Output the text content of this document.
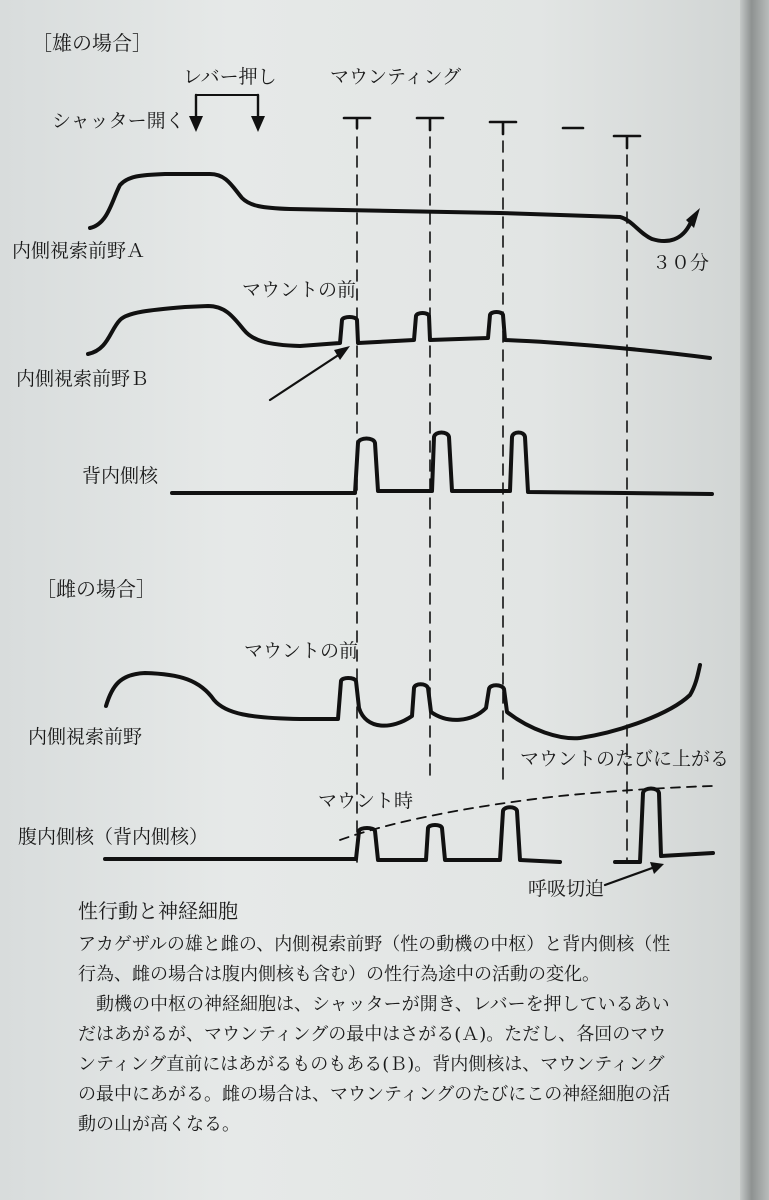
［雄の場合］
レバー押し
シャッター開く
マウンティング
内側視索前野Ａ
３０分
マウントの前
内側視索前野Ｂ
背内側核
［雌の場合］
マウントの前
内側視索前野
マウントのたびに上がる
マウント時
腹内側核（背内側核）
呼吸切迫
性行動と神経細胞

アカゲザルの雄と雌の、内側視索前野（性の動機の中枢）と背内側核（性行為、雌の場合は腹内側核も含む）の性行為途中の活動の変化。

動機の中枢の神経細胞は、シャッターが開き、レバーを押しているあいだはあがるが、マウンティングの最中はさがる(Ａ)。ただし、各回のマウンティング直前にはあがるものもある(Ｂ)。背内側核は、マウンティングの最中にあがる。雌の場合は、マウンティングのたびにこの神経細胞の活動の山が高くなる。
